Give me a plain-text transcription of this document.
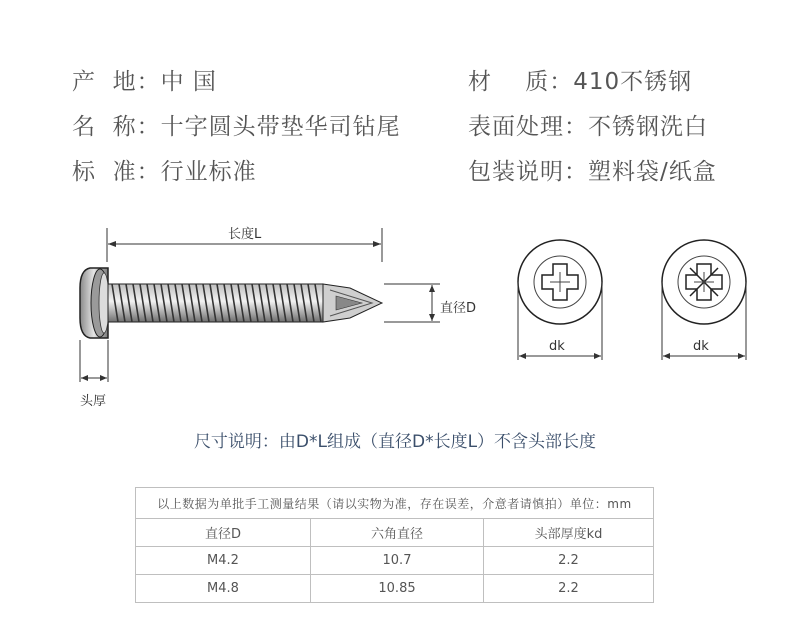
产  地：中 国
名  称：十字圆头带垫华司钻尾
标  准：行业标准
材    质：410不锈钢
表面处理：不锈钢洗白
包装说明：塑料袋/纸盒
长度L
直径D
头厚
dk	dk
尺寸说明：由D*L组成（直径D*长度L）不含头部长度
以上数据为单批手工测量结果（请以实物为准，存在误差，介意者请慎拍）单位：mm		
直径D	六角直径	头部厚度kd
M4.2	10.7	2.2
M4.8	10.85	2.2
